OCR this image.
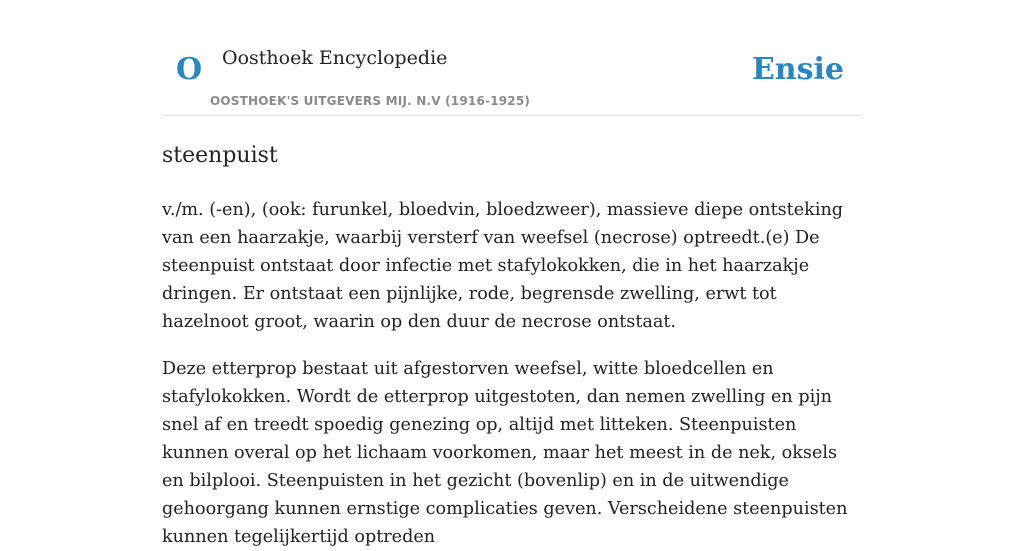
O Oosthoek Encyclopedie
OOSTHOEK'S UITGEVERS MIJ. N.V (1916-1925)
Ensie
steenpuist

v./m. (-en), (ook: furunkel, bloedvin, bloedzweer), massieve diepe ontsteking van een haarzakje, waarbij versterf van weefsel (necrose) optreedt.(e) De steenpuist ontstaat door infectie met stafylokokken, die in het haarzakje dringen. Er ontstaat een pijnlijke, rode, begrensde zwelling, erwt tot hazelnoot groot, waarin op den duur de necrose ontstaat.

Deze etterprop bestaat uit afgestorven weefsel, witte bloedcellen en stafylokokken. Wordt de etterprop uitgestoten, dan nemen zwelling en pijn snel af en treedt spoedig genezing op, altijd met litteken. Steenpuisten kunnen overal op het lichaam voorkomen, maar het meest in de nek, oksels en bilplooi. Steenpuisten in het gezicht (bovenlip) en in de uitwendige gehoorgang kunnen ernstige complicaties geven. Verscheidene steenpuisten kunnen tegelijkertijd optreden
